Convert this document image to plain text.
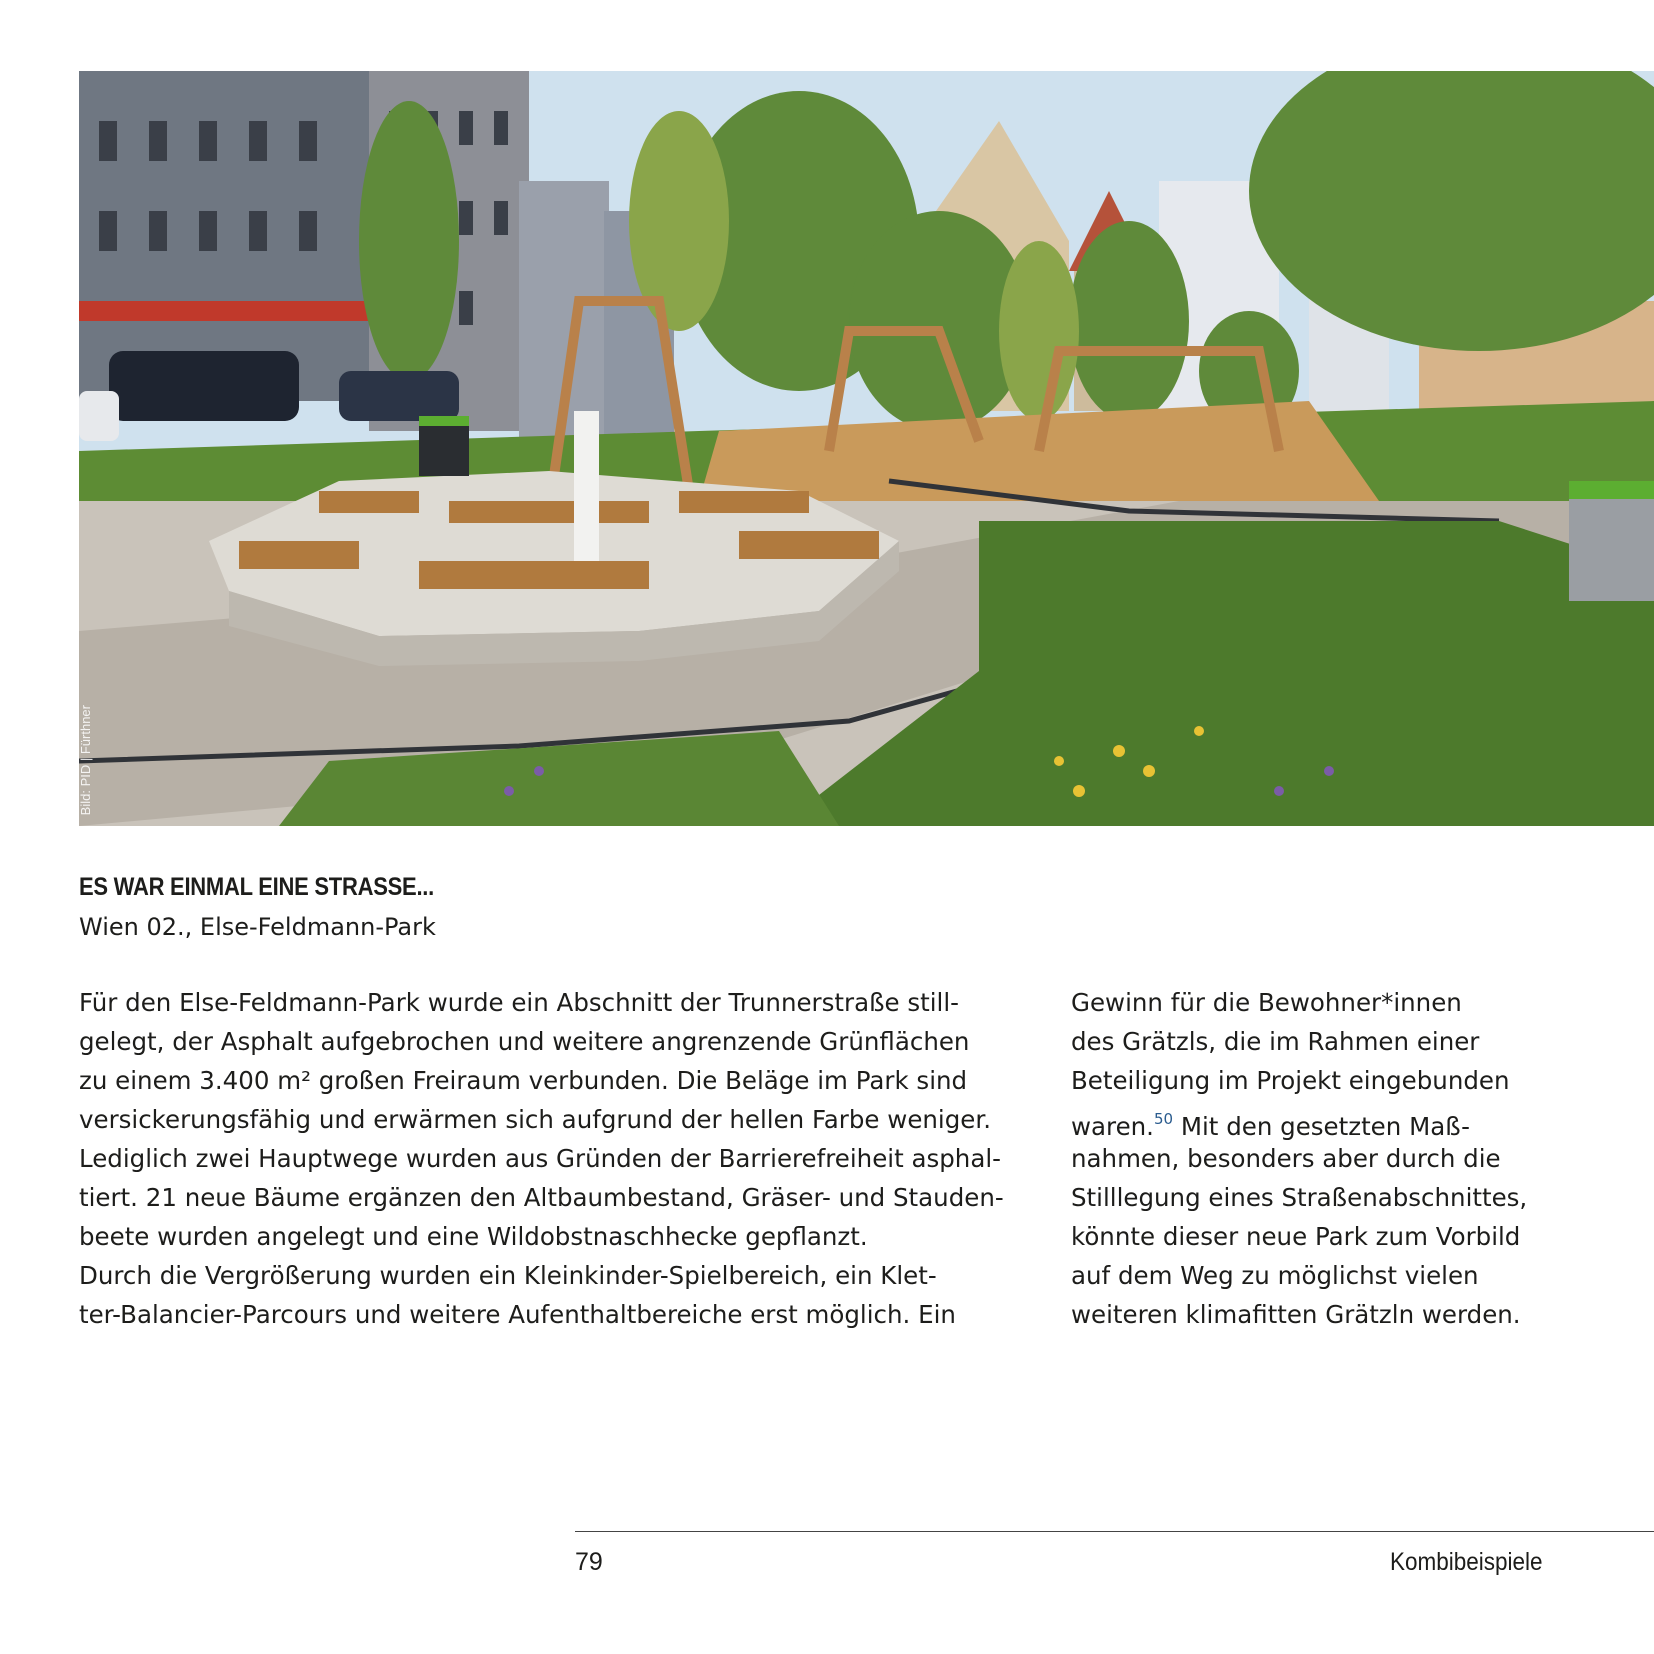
Bild: PID | Fürthner
ES WAR EINMAL EINE STRASSE...
Wien 02., Else-Feldmann-Park
Für den Else-Feldmann-Park wurde ein Abschnitt der Trunnerstraße still-
gelegt, der Asphalt aufgebrochen und weitere angrenzende Grünflächen
zu einem 3.400 m² großen Freiraum verbunden. Die Beläge im Park sind
versickerungsfähig und erwärmen sich aufgrund der hellen Farbe weniger.
Lediglich zwei Hauptwege wurden aus Gründen der Barrierefreiheit asphal-
tiert. 21 neue Bäume ergänzen den Altbaumbestand, Gräser- und Stauden-
beete wurden angelegt und eine Wildobstnaschhecke gepflanzt.
Durch die Vergrößerung wurden ein Kleinkinder-Spielbereich, ein Klet-
ter-Balancier-Parcours und weitere Aufenthaltbereiche erst möglich. Ein
Gewinn für die Bewohner*innen
des Grätzls, die im Rahmen einer
Beteiligung im Projekt eingebunden
waren.$^{50}$ Mit den gesetzten Maß-
nahmen, besonders aber durch die
Stilllegung eines Straßenabschnittes,
könnte dieser neue Park zum Vorbild
auf dem Weg zu möglichst vielen
weiteren klimafitten Grätzln werden.
79	Kombibeispiele
